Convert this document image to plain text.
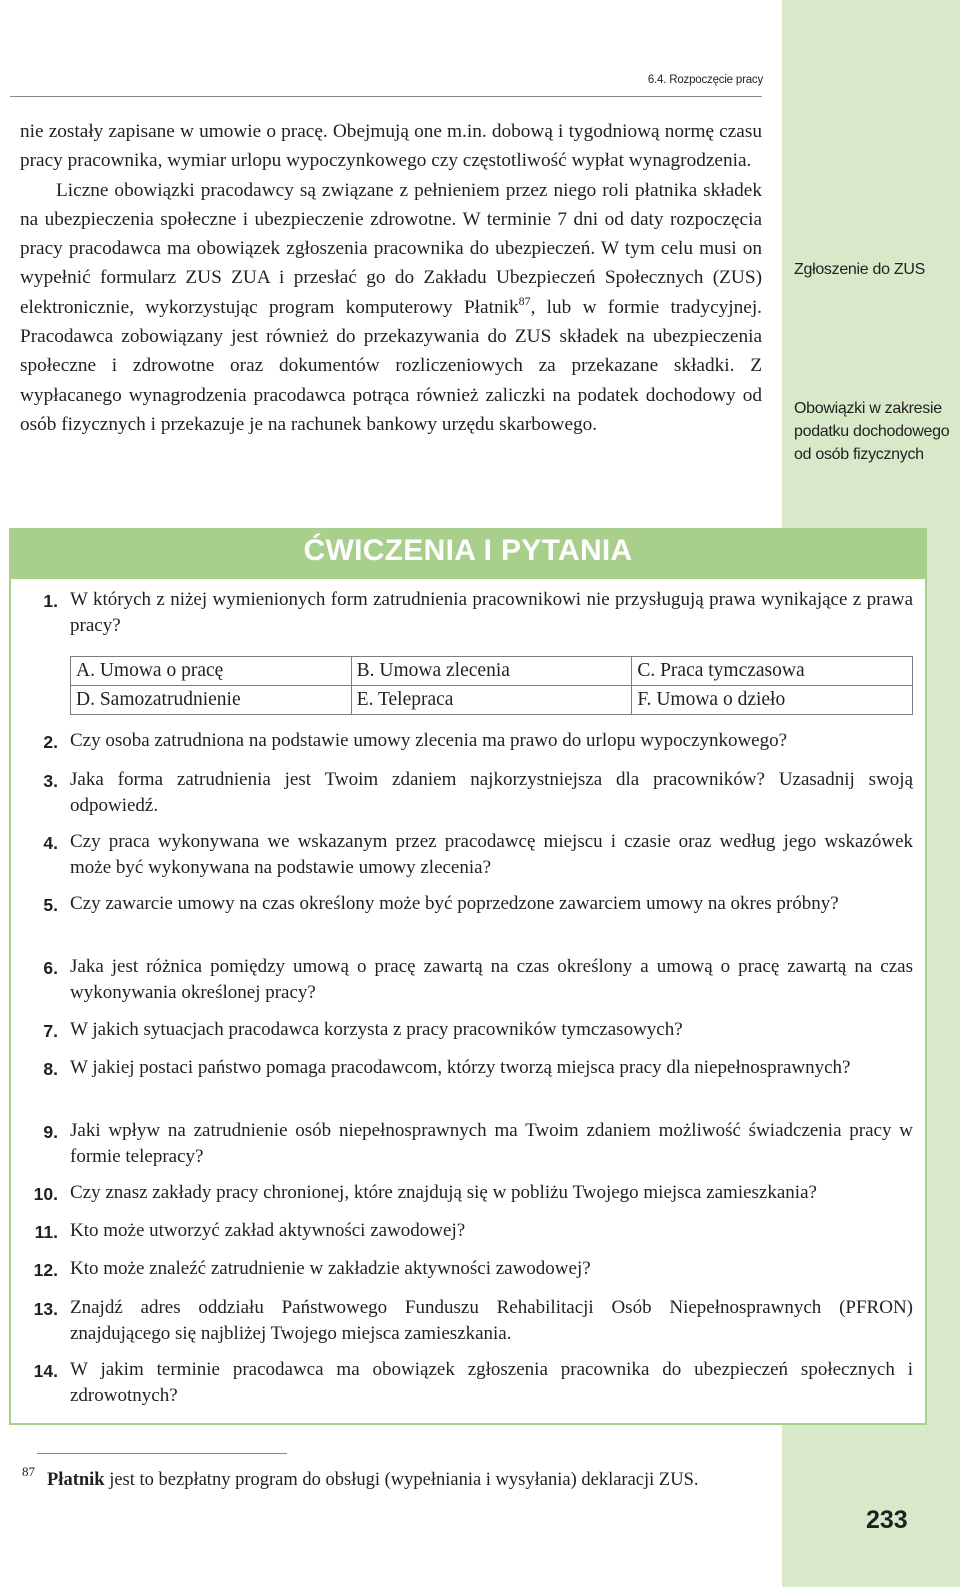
6.4. Rozpoczęcie pracy

nie zostały zapisane w umowie o pracę. Obejmują one m.in. dobową i tygodniową normę czasu pracy pracownika, wymiar urlopu wypoczynkowego czy częstotliwość wypłat wynagrodzenia.

Liczne obowiązki pracodawcy są związane z pełnieniem przez niego roli płatnika składek na ubezpieczenia społeczne i ubezpieczenie zdrowotne. W terminie 7 dni od daty rozpoczęcia pracy pracodawca ma obowiązek zgłoszenia pracownika do ubezpieczeń. W tym celu musi on wypełnić formularz ZUS ZUA i przesłać go do Zakładu Ubezpieczeń Społecznych (ZUS) elektronicznie, wykorzystując program komputerowy Płatnik$^{87}$, lub w formie tradycyjnej. Pracodawca zobowiązany jest również do przekazywania do ZUS składek na ubezpieczenia społeczne i zdrowotne oraz dokumentów rozliczeniowych za przekazane składki. Z wypłacanego wynagrodzenia pracodawca potrąca również zaliczki na podatek dochodowy od osób fizycznych i przekazuje je na rachunek bankowy urzędu skarbowego.

Zgłoszenie do ZUS
Obowiązki w zakresie podatku dochodowego od osób fizycznych
ĆWICZENIA I PYTANIA
1. W których z niżej wymienionych form zatrudnienia pracownikowi nie przysługują prawa wynikające z prawa pracy?
A. Umowa o pracę	B. Umowa zlecenia	C. Praca tymczasowa
D. Samozatrudnienie	E. Telepraca	F. Umowa o dzieło
2. Czy osoba zatrudniona na podstawie umowy zlecenia ma prawo do urlopu wypoczynkowego?
3. Jaka forma zatrudnienia jest Twoim zdaniem najkorzystniejsza dla pracowników? Uzasadnij swoją odpowiedź.
4. Czy praca wykonywana we wskazanym przez pracodawcę miejscu i czasie oraz według jego wskazówek może być wykonywana na podstawie umowy zlecenia?
5. Czy zawarcie umowy na czas określony może być poprzedzone zawarciem umowy na okres próbny?
6. Jaka jest różnica pomiędzy umową o pracę zawartą na czas określony a umową o pracę zawartą na czas wykonywania określonej pracy?
7. W jakich sytuacjach pracodawca korzysta z pracy pracowników tymczasowych?
8. W jakiej postaci państwo pomaga pracodawcom, którzy tworzą miejsca pracy dla niepełnosprawnych?
9. Jaki wpływ na zatrudnienie osób niepełnosprawnych ma Twoim zdaniem możliwość świadczenia pracy w formie telepracy?
10. Czy znasz zakłady pracy chronionej, które znajdują się w pobliżu Twojego miejsca zamieszkania?
11. Kto może utworzyć zakład aktywności zawodowej?
12. Kto może znaleźć zatrudnienie w zakładzie aktywności zawodowej?
13. Znajdź adres oddziału Państwowego Funduszu Rehabilitacji Osób Niepełnosprawnych (PFRON) znajdującego się najbliżej Twojego miejsca zamieszkania.
14. W jakim terminie pracodawca ma obowiązek zgłoszenia pracownika do ubezpieczeń społecznych i zdrowotnych?
$^{87}$ Płatnik jest to bezpłatny program do obsługi (wypełniania i wysyłania) deklaracji ZUS.
233
